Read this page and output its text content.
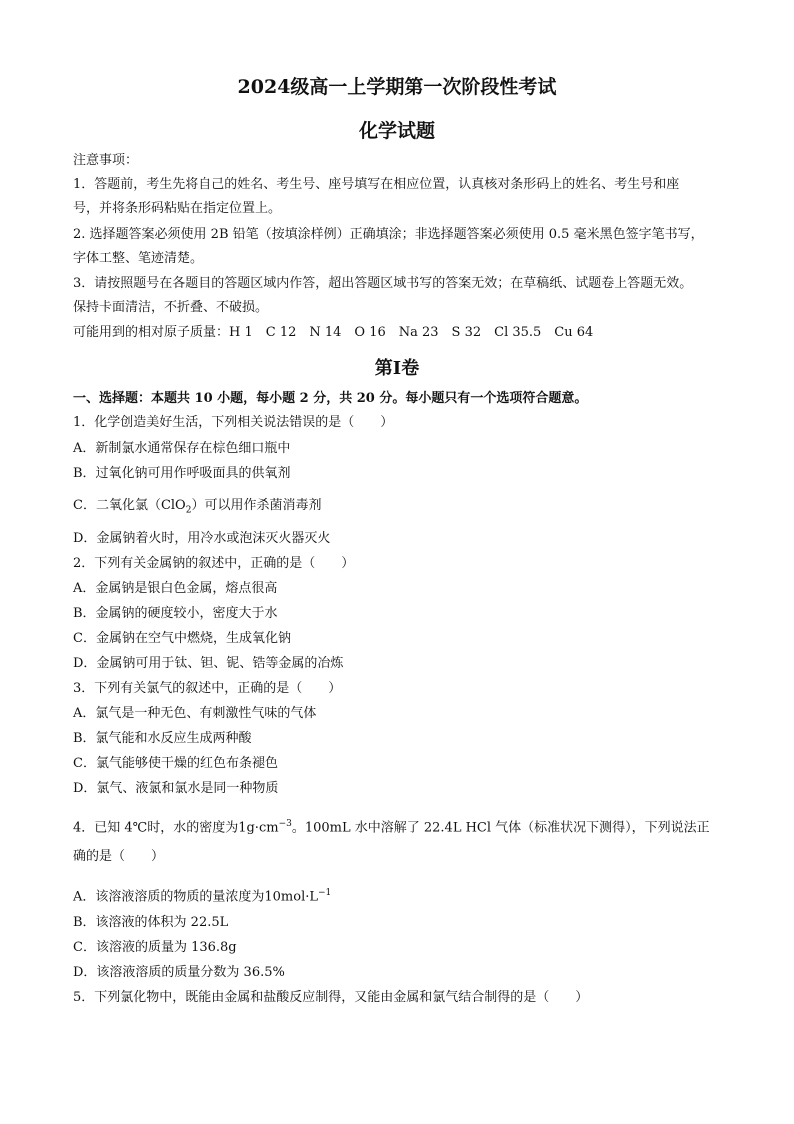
2024级高一上学期第一次阶段性考试
化学试题
注意事项：
1．答题前，考生先将自己的姓名、考生号、座号填写在相应位置，认真核对条形码上的姓名、考生号和座
号，并将条形码粘贴在指定位置上。
2. 选择题答案必须使用 2B 铅笔（按填涂样例）正确填涂；非选择题答案必须使用 0.5 毫米黑色签字笔书写，
字体工整、笔迹清楚。
3．请按照题号在各题目的答题区域内作答，超出答题区域书写的答案无效；在草稿纸、试题卷上答题无效。
保持卡面清洁，不折叠、不破损。
可能用到的相对原子质量：H 1　C 12　N 14　O 16　Na 23　S 32　Cl 35.5　Cu 64
第Ⅰ卷
一、选择题：本题共 10 小题，每小题 2 分，共 20 分。每小题只有一个选项符合题意。
1．化学创造美好生活，下列相关说法错误的是（　　）
A．新制氯水通常保存在棕色细口瓶中
B．过氧化钠可用作呼吸面具的供氧剂
C．二氧化氯（ClO$_2$）可以用作杀菌消毒剂
D．金属钠着火时，用冷水或泡沫灭火器灭火
2．下列有关金属钠的叙述中，正确的是（　　）
A．金属钠是银白色金属，熔点很高
B．金属钠的硬度较小，密度大于水
C．金属钠在空气中燃烧，生成氧化钠
D．金属钠可用于钛、钽、铌、锆等金属的冶炼
3．下列有关氯气的叙述中，正确的是（　　）
A．氯气是一种无色、有刺激性气味的气体
B．氯气能和水反应生成两种酸
C．氯气能够使干燥的红色布条褪色
D．氯气、液氯和氯水是同一种物质
4．已知 4℃时，水的密度为$1g\cdot cm^{-3}$。100mL 水中溶解了 22.4L HCl 气体（标准状况下测得），下列说法正
确的是（　　）
A．该溶液溶质的物质的量浓度为$10mol\cdot L^{-1}$
B．该溶液的体积为 22.5L
C．该溶液的质量为 136.8g
D．该溶液溶质的质量分数为 36.5%
5．下列氯化物中，既能由金属和盐酸反应制得，又能由金属和氯气结合制得的是（　　）
